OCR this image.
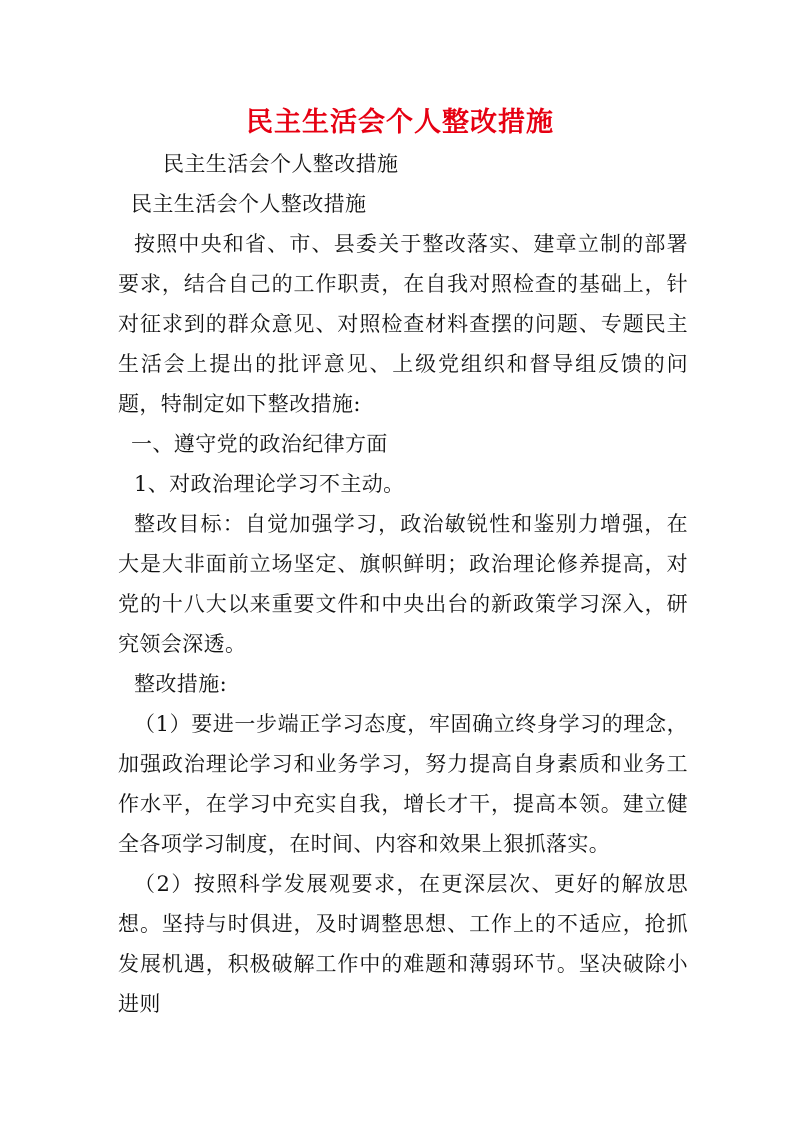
民主生活会个人整改措施

民主生活会个人整改措施

民主生活会个人整改措施

按照中央和省、市、县委关于整改落实、建章立制的部署要求，结合自己的工作职责，在自我对照检查的基础上，针对征求到的群众意见、对照检查材料查摆的问题、专题民主生活会上提出的批评意见、上级党组织和督导组反馈的问题，特制定如下整改措施:

一、遵守党的政治纪律方面

1、对政治理论学习不主动。

整改目标：自觉加强学习，政治敏锐性和鉴别力增强，在大是大非面前立场坚定、旗帜鲜明；政治理论修养提高，对党的十八大以来重要文件和中央出台的新政策学习深入，研究领会深透。

整改措施:

（1）要进一步端正学习态度，牢固确立终身学习的理念，加强政治理论学习和业务学习，努力提高自身素质和业务工作水平，在学习中充实自我，增长才干，提高本领。建立健全各项学习制度，在时间、内容和效果上狠抓落实。

（2）按照科学发展观要求，在更深层次、更好的解放思想。坚持与时俱进，及时调整思想、工作上的不适应，抢抓发展机遇，积极破解工作中的难题和薄弱环节。坚决破除小进则
